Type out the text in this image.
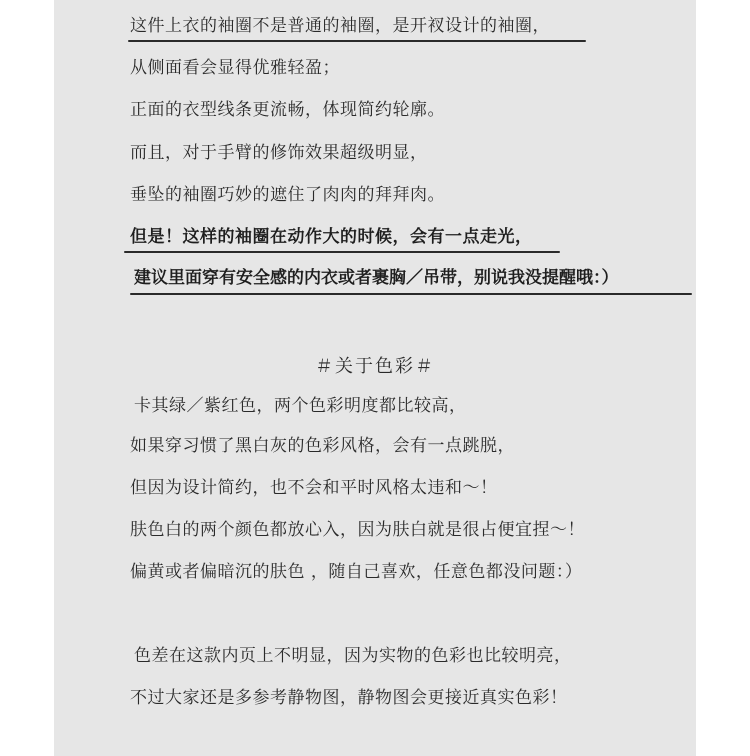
这件上衣的袖圈不是普通的袖圈，是开衩设计的袖圈，
从侧面看会显得优雅轻盈；
正面的衣型线条更流畅，体现简约轮廓。
而且，对于手臂的修饰效果超级明显，
垂坠的袖圈巧妙的遮住了肉肉的拜拜肉。
但是！这样的袖圈在动作大的时候，会有一点走光，
建议里面穿有安全感的内衣或者裹胸／吊带，别说我没提醒哦：）
＃关于色彩＃
卡其绿／紫红色，两个色彩明度都比较高，
如果穿习惯了黑白灰的色彩风格，会有一点跳脱，
但因为设计简约，也不会和平时风格太违和～！
肤色白的两个颜色都放心入，因为肤白就是很占便宜捏～！
偏黄或者偏暗沉的肤色 ，随自己喜欢，任意色都没问题：）
色差在这款内页上不明显，因为实物的色彩也比较明亮，
不过大家还是多参考静物图，静物图会更接近真实色彩！
